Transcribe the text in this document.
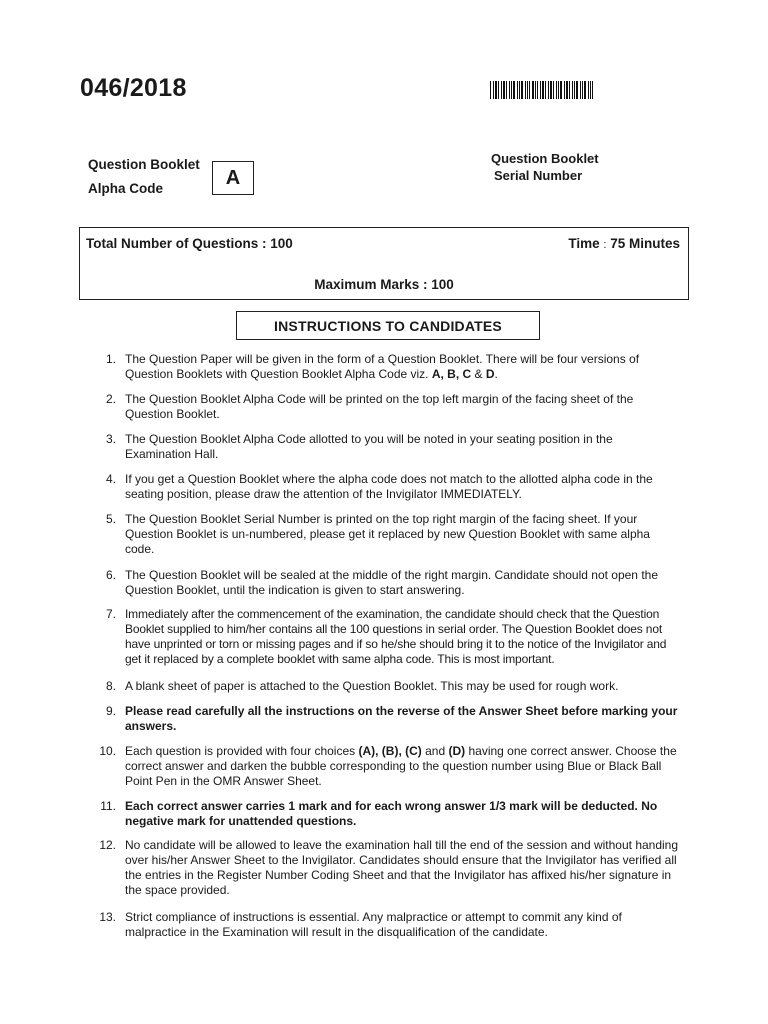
046/2018
Question Booklet
Alpha Code	A
Question Booklet
Serial Number
Total Number of Questions : 100	Time : 75 Minutes
Maximum Marks : 100
INSTRUCTIONS TO CANDIDATES
1. The Question Paper will be given in the form of a Question Booklet. There will be four versions of Question Booklets with Question Booklet Alpha Code viz. A, B, C & D.
2. The Question Booklet Alpha Code will be printed on the top left margin of the facing sheet of the Question Booklet.
3. The Question Booklet Alpha Code allotted to you will be noted in your seating position in the Examination Hall.
4. If you get a Question Booklet where the alpha code does not match to the allotted alpha code in the seating position, please draw the attention of the Invigilator IMMEDIATELY.
5. The Question Booklet Serial Number is printed on the top right margin of the facing sheet. If your Question Booklet is un-numbered, please get it replaced by new Question Booklet with same alpha code.
6. The Question Booklet will be sealed at the middle of the right margin. Candidate should not open the Question Booklet, until the indication is given to start answering.
7. Immediately after the commencement of the examination, the candidate should check that the Question Booklet supplied to him/her contains all the 100 questions in serial order. The Question Booklet does not have unprinted or torn or missing pages and if so he/she should bring it to the notice of the Invigilator and get it replaced by a complete booklet with same alpha code. This is most important.
8. A blank sheet of paper is attached to the Question Booklet. This may be used for rough work.
9. Please read carefully all the instructions on the reverse of the Answer Sheet before marking your answers.
10. Each question is provided with four choices (A), (B), (C) and (D) having one correct answer. Choose the correct answer and darken the bubble corresponding to the question number using Blue or Black Ball Point Pen in the OMR Answer Sheet.
11. Each correct answer carries 1 mark and for each wrong answer 1/3 mark will be deducted. No negative mark for unattended questions.
12. No candidate will be allowed to leave the examination hall till the end of the session and without handing over his/her Answer Sheet to the Invigilator. Candidates should ensure that the Invigilator has verified all the entries in the Register Number Coding Sheet and that the Invigilator has affixed his/her signature in the space provided.
13. Strict compliance of instructions is essential. Any malpractice or attempt to commit any kind of malpractice in the Examination will result in the disqualification of the candidate.
